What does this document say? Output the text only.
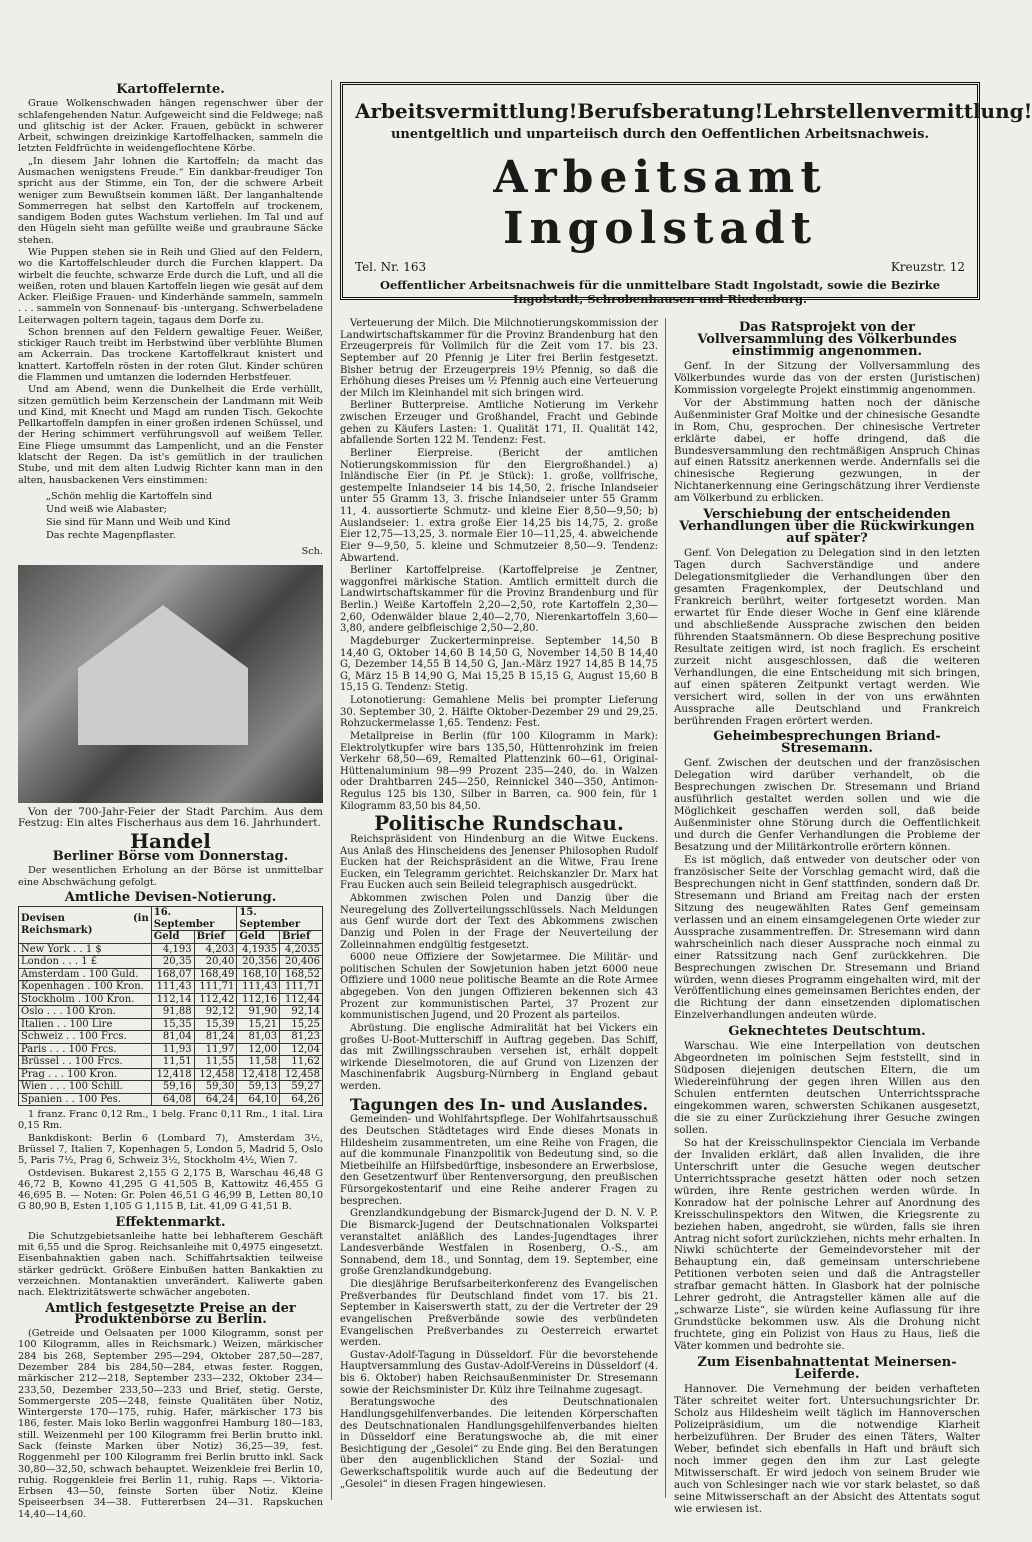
Kartoffelernte.

Graue Wolkenschwaden hängen regenschwer über der schlafengehenden Natur. Aufgeweicht sind die Feldwege; naß und glitschig ist der Acker. Frauen, gebückt in schwerer Arbeit, schwingen dreizinkige Kartoffelhacken, sammeln die letzten Feldfrüchte in weidengeflochtene Körbe.

„In diesem Jahr lohnen die Kartoffeln; da macht das Ausmachen wenigstens Freude.“ Ein dankbar-freudiger Ton spricht aus der Stimme, ein Ton, der die schwere Arbeit weniger zum Bewußtsein kommen läßt. Der langanhaltende Sommerregen hat selbst den Kartoffeln auf trockenem, sandigem Boden gutes Wachstum verliehen. Im Tal und auf den Hügeln sieht man gefüllte weiße und graubraune Säcke stehen.

Wie Puppen stehen sie in Reih und Glied auf den Feldern, wo die Kartoffelschleuder durch die Furchen klappert. Da wirbelt die feuchte, schwarze Erde durch die Luft, und all die weißen, roten und blauen Kartoffeln liegen wie gesät auf dem Acker. Fleißige Frauen- und Kinderhände sammeln, sammeln . . . sammeln von Sonnenauf- bis -untergang. Schwerbeladene Leiterwagen poltern tagein, tagaus dem Dorfe zu.

Schon brennen auf den Feldern gewaltige Feuer. Weißer, stickiger Rauch treibt im Herbstwind über verblühte Blumen am Ackerrain. Das trockene Kartoffelkraut knistert und knattert. Kartoffeln rösten in der roten Glut. Kinder schüren die Flammen und umtanzen die lodernden Herbstfeuer.

Und am Abend, wenn die Dunkelheit die Erde verhüllt, sitzen gemütlich beim Kerzenschein der Landmann mit Weib und Kind, mit Knecht und Magd am runden Tisch. Gekochte Pellkartoffeln dampfen in einer großen irdenen Schüssel, und der Hering schimmert verführungsvoll auf weißem Teller. Eine Fliege umsummt das Lampenlicht, und an die Fenster klatscht der Regen. Da ist's gemütlich in der traulichen Stube, und mit dem alten Ludwig Richter kann man in den alten, hausbackenen Vers einstimmen:

„Schön mehlig die Kartoffeln sind
Und weiß wie Alabaster;
Sie sind für Mann und Weib und Kind
Das rechte Magenpflaster.
Sch.

Von der 700-Jahr-Feier der Stadt Parchim. Aus dem Festzug: Ein altes Fischerhaus aus dem 16. Jahrhundert.

Handel
Berliner Börse vom Donnerstag.

Der wesentlichen Erholung an der Börse ist unmittelbar eine Abschwächung gefolgt.

Amtliche Devisen-Notierung.
Devisen (in Reichsmark)	16. September		15. September	
	Geld	Brief	Geld	Brief
New York . . 1 $	4,193	4,203	4,1935	4,2035
London . . . 1 £	20,35	20,40	20,356	20,406
Amsterdam . 100 Guld.	168,07	168,49	168,10	168,52
Kopenhagen . 100 Kron.	111,43	111,71	111,43	111,71
Stockholm . 100 Kron.	112,14	112,42	112,16	112,44
Oslo . . . 100 Kron.	91,88	92,12	91,90	92,14
Italien . . 100 Lire	15,35	15,39	15,21	15,25
Schweiz . . 100 Frcs.	81,04	81,24	81,03	81,23
Paris . . . 100 Frcs.	11,93	11,97	12,00	12,04
Brüssel . . 100 Frcs.	11,51	11,55	11,58	11,62
Prag . . . 100 Kron.	12,418	12,458	12,418	12,458
Wien . . . 100 Schill.	59,16	59,30	59,13	59,27
Spanien . . 100 Pes.	64,08	64,24	64,10	64,26

1 franz. Franc 0,12 Rm., 1 belg. Franc 0,11 Rm., 1 ital. Lira 0,15 Rm.

Bankdiskont: Berlin 6 (Lombard 7), Amsterdam 3½, Brüssel 7, Italien 7, Kopenhagen 5, London 5, Madrid 5, Oslo 5, Paris 7½, Prag 6, Schweiz 3½, Stockholm 4½, Wien 7.

Ostdevisen. Bukarest 2,155 G 2,175 B, Warschau 46,48 G 46,72 B, Kowno 41,295 G 41,505 B, Kattowitz 46,455 G 46,695 B. — Noten: Gr. Polen 46,51 G 46,99 B, Letten 80,10 G 80,90 B, Esten 1,105 G 1,115 B, Lit. 41,09 G 41,51 B.

Effektenmarkt.

Die Schutzgebietsanleihe hatte bei lebhafterem Geschäft mit 6,55 und die Sprog. Reichsanleihe mit 0,4975 eingesetzt. Eisenbahnaktien gaben nach. Schiffahrtsaktien teilweise stärker gedrückt. Größere Einbußen hatten Bankaktien zu verzeichnen. Montanaktien unverändert. Kaliwerte gaben nach. Elektrizitätswerte schwächer angeboten.

Amtlich festgesetzte Preise an der Produktenbörse zu Berlin.

(Getreide und Oelsaaten per 1000 Kilogramm, sonst per 100 Kilogramm, alles in Reichsmark.) Weizen, märkischer 284 bis 268, September 295—294, Oktober 287,50—287, Dezember 284 bis 284,50—284, etwas fester. Roggen, märkischer 212—218, September 233—232, Oktober 234—233,50, Dezember 233,50—233 und Brief, stetig. Gerste, Sommergerste 205—248, feinste Qualitäten über Notiz, Wintergerste 170—175, ruhig. Hafer, märkischer 173 bis 186, fester. Mais loko Berlin waggonfrei Hamburg 180—183, still. Weizenmehl per 100 Kilogramm frei Berlin brutto inkl. Sack (feinste Marken über Notiz) 36,25—39, fest. Roggenmehl per 100 Kilogramm frei Berlin brutto inkl. Sack 30,80—32,50, schwach behauptet. Weizenkleie frei Berlin 10, ruhig. Roggenkleie frei Berlin 11, ruhig. Raps —. Viktoria-Erbsen 43—50, feinste Sorten über Notiz. Kleine Speiseerbsen 34—38. Futtererbsen 24—31. Rapskuchen 14,40—14,60.

Arbeitsvermittlung! Berufsberatung! Lehrstellenvermittlung!
unentgeltlich und unparteiisch durch den Oeffentlichen Arbeitsnachweis.
Arbeitsamt Ingolstadt
Tel. Nr. 163	Kreuzstr. 12
Oeffentlicher Arbeitsnachweis für die unmittelbare Stadt Ingolstadt, sowie die Bezirke Ingolstadt, Schrobenhausen und Riedenburg.

Verteuerung der Milch. Die Milchnotierungskommission der Landwirtschaftskammer für die Provinz Brandenburg hat den Erzeugerpreis für Vollmilch für die Zeit vom 17. bis 23. September auf 20 Pfennig je Liter frei Berlin festgesetzt. Bisher betrug der Erzeugerpreis 19½ Pfennig, so daß die Erhöhung dieses Preises um ½ Pfennig auch eine Verteuerung der Milch im Kleinhandel mit sich bringen wird.

Berliner Butterpreise. Amtliche Notierung im Verkehr zwischen Erzeuger und Großhandel, Fracht und Gebinde gehen zu Käufers Lasten: 1. Qualität 171, II. Qualität 142, abfallende Sorten 122 M. Tendenz: Fest.

Berliner Eierpreise. (Bericht der amtlichen Notierungskommission für den Eiergroßhandel.) a) Inländische Eier (in Pf. je Stück): 1. große, vollfrische, gestempelte Inlandseier 14 bis 14,50, 2. frische Inlandseier unter 55 Gramm 13, 3. frische Inlandseier unter 55 Gramm 11, 4. aussortierte Schmutz- und kleine Eier 8,50—9,50; b) Auslandseier: 1. extra große Eier 14,25 bis 14,75, 2. große Eier 12,75—13,25, 3. normale Eier 10—11,25, 4. abweichende Eier 9—9,50, 5. kleine und Schmutzeier 8,50—9. Tendenz: Abwartend.

Berliner Kartoffelpreise. (Kartoffelpreise je Zentner, waggonfrei märkische Station. Amtlich ermittelt durch die Landwirtschaftskammer für die Provinz Brandenburg und für Berlin.) Weiße Kartoffeln 2,20—2,50, rote Kartoffeln 2,30—2,60, Odenwälder blaue 2,40—2,70, Nierenkartoffeln 3,60—3,80, andere gelbfleischige 2,50—2,80.

Magdeburger Zuckerterminpreise. September 14,50 B 14,40 G, Oktober 14,60 B 14,50 G, November 14,50 B 14,40 G, Dezember 14,55 B 14,50 G, Jan.-März 1927 14,85 B 14,75 G, März 15 B 14,90 G, Mai 15,25 B 15,15 G, August 15,60 B 15,15 G. Tendenz: Stetig.

Lotonotierung: Gemahlene Melis bei prompter Lieferung 30. September 30, 2. Hälfte Oktober-Dezember 29 und 29,25. Rohzuckermelasse 1,65. Tendenz: Fest.

Metallpreise in Berlin (für 100 Kilogramm in Mark): Elektrolytkupfer wire bars 135,50, Hüttenrohzink im freien Verkehr 68,50—69, Remalted Plattenzink 60—61, Original-Hüttenaluminium 98—99 Prozent 235—240, do. in Walzen oder Drahtbarren 245—250, Reinnickel 340—350, Antimon-Regulus 125 bis 130, Silber in Barren, ca. 900 fein, für 1 Kilogramm 83,50 bis 84,50.

Politische Rundschau.

Reichspräsident von Hindenburg an die Witwe Euckens. Aus Anlaß des Hinscheidens des Jenenser Philosophen Rudolf Eucken hat der Reichspräsident an die Witwe, Frau Irene Eucken, ein Telegramm gerichtet. Reichskanzler Dr. Marx hat Frau Eucken auch sein Beileid telegraphisch ausgedrückt.

Abkommen zwischen Polen und Danzig über die Neuregelung des Zollverteilungsschlüssels. Nach Meldungen aus Genf wurde dort der Text des Abkommens zwischen Danzig und Polen in der Frage der Neuverteilung der Zolleinnahmen endgültig festgesetzt.

6000 neue Offiziere der Sowjetarmee. Die Militär- und politischen Schulen der Sowjetunion haben jetzt 6000 neue Offiziere und 1000 neue politische Beamte an die Rote Armee abgegeben. Von den jungen Offizieren bekennen sich 43 Prozent zur kommunistischen Partei, 37 Prozent zur kommunistischen Jugend, und 20 Prozent als parteilos.

Abrüstung. Die englische Admiralität hat bei Vickers ein großes U-Boot-Mutterschiff in Auftrag gegeben. Das Schiff, das mit Zwillingsschrauben versehen ist, erhält doppelt wirkende Dieselmotoren, die auf Grund von Lizenzen der Maschinenfabrik Augsburg-Nürnberg in England gebaut werden.

Tagungen des In- und Auslandes.

Gemeinden- und Wohlfahrtspflege. Der Wohlfahrtsausschuß des Deutschen Städtetages wird Ende dieses Monats in Hildesheim zusammentreten, um eine Reihe von Fragen, die auf die kommunale Finanzpolitik von Bedeutung sind, so die Mietbeihilfe an Hilfsbedürftige, insbesondere an Erwerbslose, den Gesetzentwurf über Rentenversorgung, den preußischen Fürsorgekostentarif und eine Reihe anderer Fragen zu besprechen.

Grenzlandkundgebung der Bismarck-Jugend der D. N. V. P. Die Bismarck-Jugend der Deutschnationalen Volkspartei veranstaltet anläßlich des Landes-Jugendtages ihrer Landesverbände Westfalen in Rosenberg, O.-S., am Sonnabend, dem 18., und Sonntag, dem 19. September, eine große Grenzlandkundgebung.

Die diesjährige Berufsarbeiterkonferenz des Evangelischen Preßverbandes für Deutschland findet vom 17. bis 21. September in Kaiserswerth statt, zu der die Vertreter der 29 evangelischen Preßverbände sowie des verbündeten Evangelischen Preßverbandes zu Oesterreich erwartet werden.

Gustav-Adolf-Tagung in Düsseldorf. Für die bevorstehende Hauptversammlung des Gustav-Adolf-Vereins in Düsseldorf (4. bis 6. Oktober) haben Reichsaußenminister Dr. Stresemann sowie der Reichsminister Dr. Külz ihre Teilnahme zugesagt.

Beratungswoche des Deutschnationalen Handlungsgehilfenverbandes. Die leitenden Körperschaften des Deutschnationalen Handlungsgehilfenverbandes hielten in Düsseldorf eine Beratungswoche ab, die mit einer Besichtigung der „Gesolei“ zu Ende ging. Bei den Beratungen über den augenblicklichen Stand der Sozial- und Gewerkschaftspolitik wurde auch auf die Bedeutung der „Gesolei“ in diesen Fragen hingewiesen.

Das Ratsprojekt von der Vollversammlung des Völkerbundes einstimmig angenommen.

Genf. In der Sitzung der Vollversammlung des Völkerbundes wurde das von der ersten (Juristischen) Kommission vorgelegte Projekt einstimmig angenommen.

Vor der Abstimmung hatten noch der dänische Außenminister Graf Moltke und der chinesische Gesandte in Rom, Chu, gesprochen. Der chinesische Vertreter erklärte dabei, er hoffe dringend, daß die Bundesversammlung den rechtmäßigen Anspruch Chinas auf einen Ratssitz anerkennen werde. Andernfalls sei die chinesische Regierung gezwungen, in der Nichtanerkennung eine Geringschätzung ihrer Verdienste am Völkerbund zu erblicken.

Verschiebung der entscheidenden Verhandlungen über die Rückwirkungen auf später?

Genf. Von Delegation zu Delegation sind in den letzten Tagen durch Sachverständige und andere Delegationsmitglieder die Verhandlungen über den gesamten Fragenkomplex, der Deutschland und Frankreich berührt, weiter fortgesetzt worden. Man erwartet für Ende dieser Woche in Genf eine klärende und abschließende Aussprache zwischen den beiden führenden Staatsmännern. Ob diese Besprechung positive Resultate zeitigen wird, ist noch fraglich. Es erscheint zurzeit nicht ausgeschlossen, daß die weiteren Verhandlungen, die eine Entscheidung mit sich bringen, auf einen späteren Zeitpunkt vertagt werden. Wie versichert wird, sollen in der von uns erwähnten Aussprache alle Deutschland und Frankreich berührenden Fragen erörtert werden.

Geheimbesprechungen Briand-Stresemann.

Genf. Zwischen der deutschen und der französischen Delegation wird darüber verhandelt, ob die Besprechungen zwischen Dr. Stresemann und Briand ausführlich gestaltet werden sollen und wie die Möglichkeit geschaffen werden soll, daß beide Außenminister ohne Störung durch die Oeffentlichkeit und durch die Genfer Verhandlungen die Probleme der Besatzung und der Militärkontrolle erörtern können.

Es ist möglich, daß entweder von deutscher oder von französischer Seite der Vorschlag gemacht wird, daß die Besprechungen nicht in Genf stattfinden, sondern daß Dr. Stresemann und Briand am Freitag nach der ersten Sitzung des neugewählten Rates Genf gemeinsam verlassen und an einem einsamgelegenen Orte wieder zur Aussprache zusammentreffen. Dr. Stresemann wird dann wahrscheinlich nach dieser Aussprache noch einmal zu einer Ratssitzung nach Genf zurückkehren. Die Besprechungen zwischen Dr. Stresemann und Briand würden, wenn dieses Programm eingehalten wird, mit der Veröffentlichung eines gemeinsamen Berichtes enden, der die Richtung der dann einsetzenden diplomatischen Einzelverhandlungen andeuten würde.

Geknechtetes Deutschtum.

Warschau. Wie eine Interpellation von deutschen Abgeordneten im polnischen Sejm feststellt, sind in Südposen diejenigen deutschen Eltern, die um Wiedereinführung der gegen ihren Willen aus den Schulen entfernten deutschen Unterrichtssprache eingekommen waren, schwersten Schikanen ausgesetzt, die sie zu einer Zurückziehung ihrer Gesuche zwingen sollen.

So hat der Kreisschulinspektor Cienciala im Verbande der Invaliden erklärt, daß allen Invaliden, die ihre Unterschrift unter die Gesuche wegen deutscher Unterrichtssprache gesetzt hätten oder noch setzen würden, ihre Rente gestrichen werden würde. In Konradow hat der polnische Lehrer auf Anordnung des Kreisschulinspektors den Witwen, die Kriegsrente zu beziehen haben, angedroht, sie würden, falls sie ihren Antrag nicht sofort zurückziehen, nichts mehr erhalten. In Niwki schüchterte der Gemeindevorsteher mit der Behauptung ein, daß gemeinsam unterschriebene Petitionen verboten seien und daß die Antragsteller strafbar gemacht hätten. In Glasbork hat der polnische Lehrer gedroht, die Antragsteller kämen alle auf die „schwarze Liste“, sie würden keine Auflassung für ihre Grundstücke bekommen usw. Als die Drohung nicht fruchtete, ging ein Polizist von Haus zu Haus, ließ die Väter kommen und bedrohte sie.

Zum Eisenbahnattentat Meinersen-Leiferde.

Hannover. Die Vernehmung der beiden verhafteten Täter schreitet weiter fort. Untersuchungsrichter Dr. Scholz aus Hildesheim weilt täglich im Hannoverschen Polizeipräsidium, um die notwendige Klarheit herbeizuführen. Der Bruder des einen Täters, Walter Weber, befindet sich ebenfalls in Haft und bräuft sich noch immer gegen den ihm zur Last gelegte Mitwisserschaft. Er wird jedoch von seinem Bruder wie auch von Schlesinger nach wie vor stark belastet, so daß seine Mitwisserschaft an der Absicht des Attentats sogut wie erwiesen ist.
